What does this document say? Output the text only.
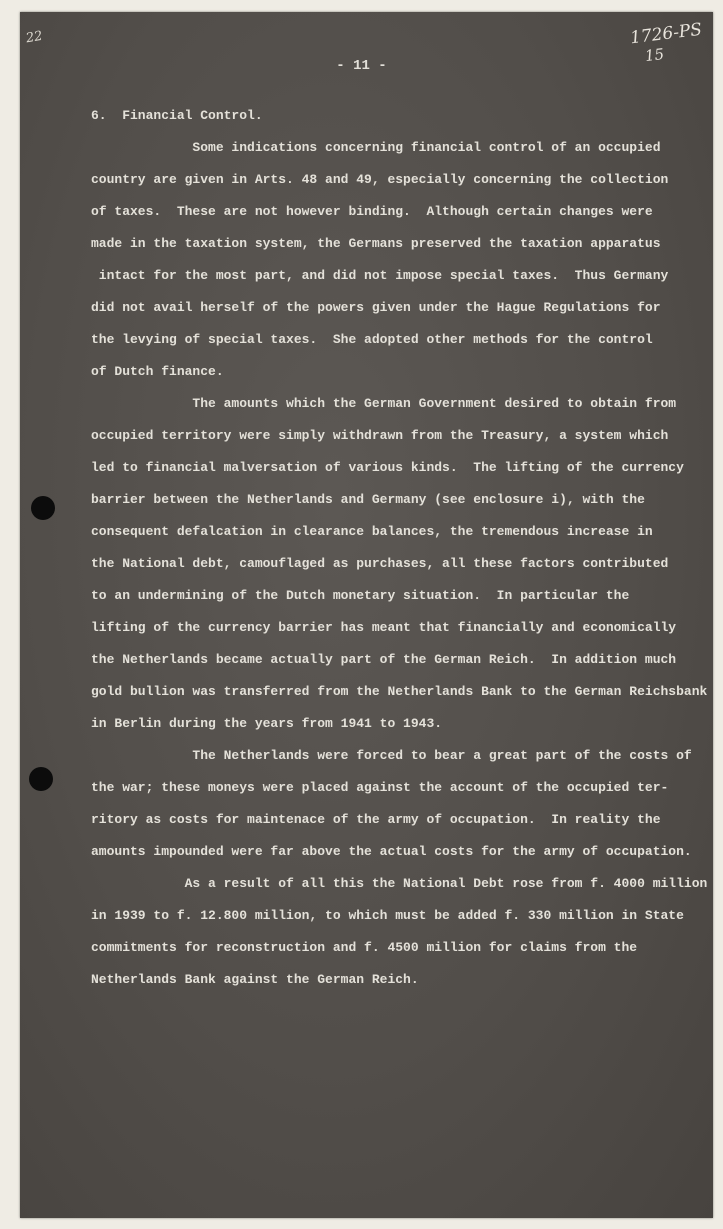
22	1726-PS
15
- 11 -
6.  Financial Control.
Some indications concerning financial control of an occupied
country are given in Arts. 48 and 49, especially concerning the collection
of taxes.  These are not however binding.  Although certain changes were
made in the taxation system, the Germans preserved the taxation apparatus
intact for the most part, and did not impose special taxes.  Thus Germany
did not avail herself of the powers given under the Hague Regulations for
the levying of special taxes.  She adopted other methods for the control
of Dutch finance.
The amounts which the German Government desired to obtain from
occupied territory were simply withdrawn from the Treasury, a system which
led to financial malversation of various kinds.  The lifting of the currency
barrier between the Netherlands and Germany (see enclosure i), with the
consequent defalcation in clearance balances, the tremendous increase in
the National debt, camouflaged as purchases, all these factors contributed
to an undermining of the Dutch monetary situation.  In particular the
lifting of the currency barrier has meant that financially and economically
the Netherlands became actually part of the German Reich.  In addition much
gold bullion was transferred from the Netherlands Bank to the German Reichsbank
in Berlin during the years from 1941 to 1943.
The Netherlands were forced to bear a great part of the costs of
the war; these moneys were placed against the account of the occupied ter-
ritory as costs for maintenace of the army of occupation.  In reality the
amounts impounded were far above the actual costs for the army of occupation.
As a result of all this the National Debt rose from f. 4000 million
in 1939 to f. 12.800 million, to which must be added f. 330 million in State
commitments for reconstruction and f. 4500 million for claims from the
Netherlands Bank against the German Reich.
